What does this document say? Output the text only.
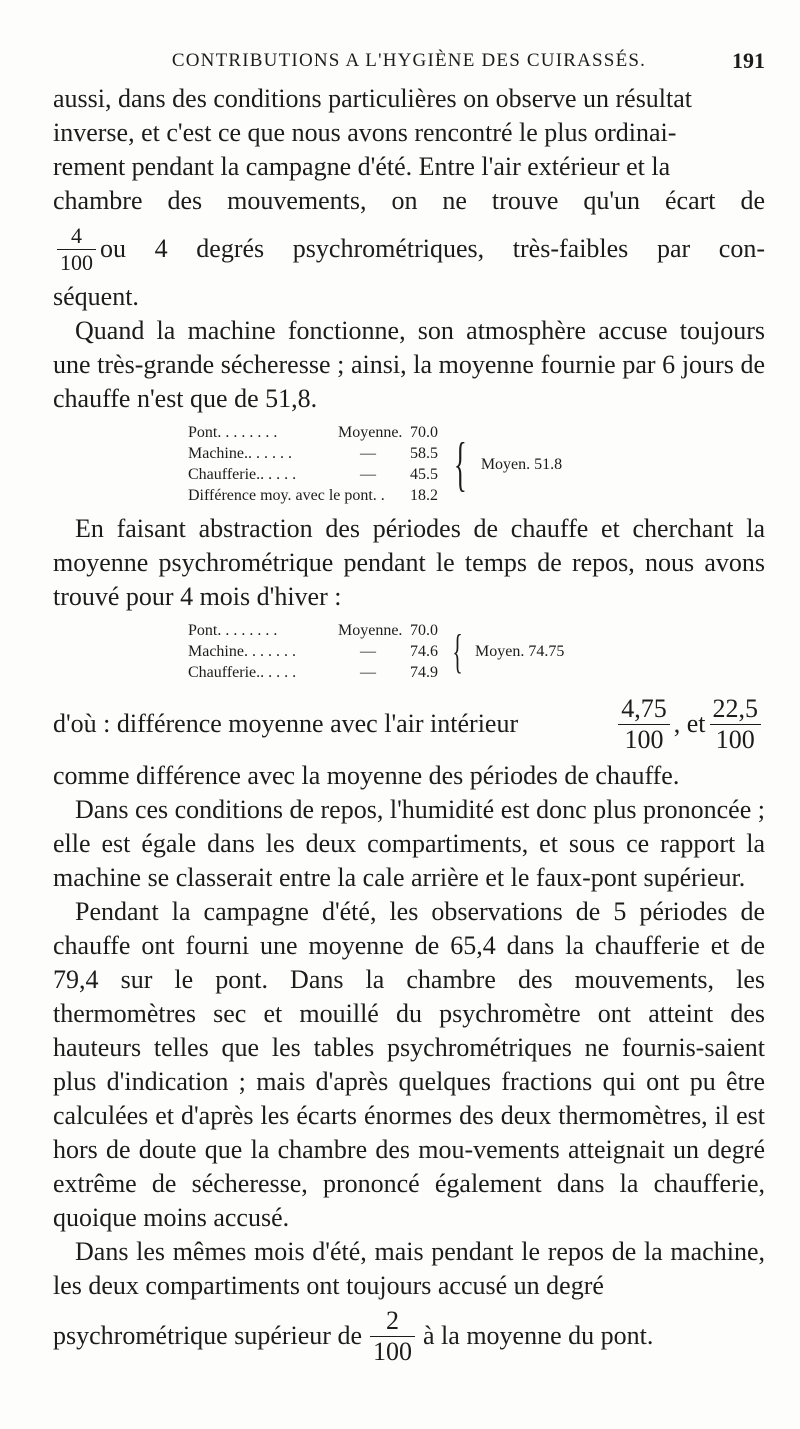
CONTRIBUTIONS A L'HYGIÈNE DES CUIRASSÉS.	191

aussi, dans des conditions particulières on observe un résultat

inverse, et c'est ce que nous avons rencontré le plus ordinai-

rement pendant la campagne d'été. Entre l'air extérieur et la

chambre des mouvements, on ne trouve qu'un écart de

$\frac{4}{100}$ ou 4 degrés psychrométriques, très-faibles par con-

séquent.

Quand la machine fonctionne, son atmosphère accuse toujours une très-grande sécheresse ; ainsi, la moyenne fournie par 6 jours de chauffe n'est que de 51,8.

Pont. . . . . . . .	Moyenne. 70.0
Machine.. . . . . .	—	58.5
Chaufferie.. . . . .	—	45.5
Différence moy. avec le pont. .	18.2 { Moyen. 51.8

En faisant abstraction des périodes de chauffe et cherchant la moyenne psychrométrique pendant le temps de repos, nous avons trouvé pour 4 mois d'hiver :

Pont. . . . . . . .	Moyenne. 70.0
Machine. . . . . . .	—	74.6
Chaufferie.. . . . .	—	74.9 { Moyen. 74.75
d'où : différence moyenne avec l'air intérieur	$\frac{4,75}{100}$ , et $\frac{22,5}{100}$

comme différence avec la moyenne des périodes de chauffe.

Dans ces conditions de repos, l'humidité est donc plus prononcée ; elle est égale dans les deux compartiments, et sous ce rapport la machine se classerait entre la cale arrière et le faux-pont supérieur.

Pendant la campagne d'été, les observations de 5 périodes de chauffe ont fourni une moyenne de 65,4 dans la chaufferie et de 79,4 sur le pont. Dans la chambre des mouvements, les thermomètres sec et mouillé du psychromètre ont atteint des hauteurs telles que les tables psychrométriques ne fournis-saient plus d'indication ; mais d'après quelques fractions qui ont pu être calculées et d'après les écarts énormes des deux thermomètres, il est hors de doute que la chambre des mou-vements atteignait un degré extrême de sécheresse, prononcé également dans la chaufferie, quoique moins accusé.

Dans les mêmes mois d'été, mais pendant le repos de la machine, les deux compartiments ont toujours accusé un degré

psychrométrique supérieur de $\frac{2}{100}$ à la moyenne du pont.
